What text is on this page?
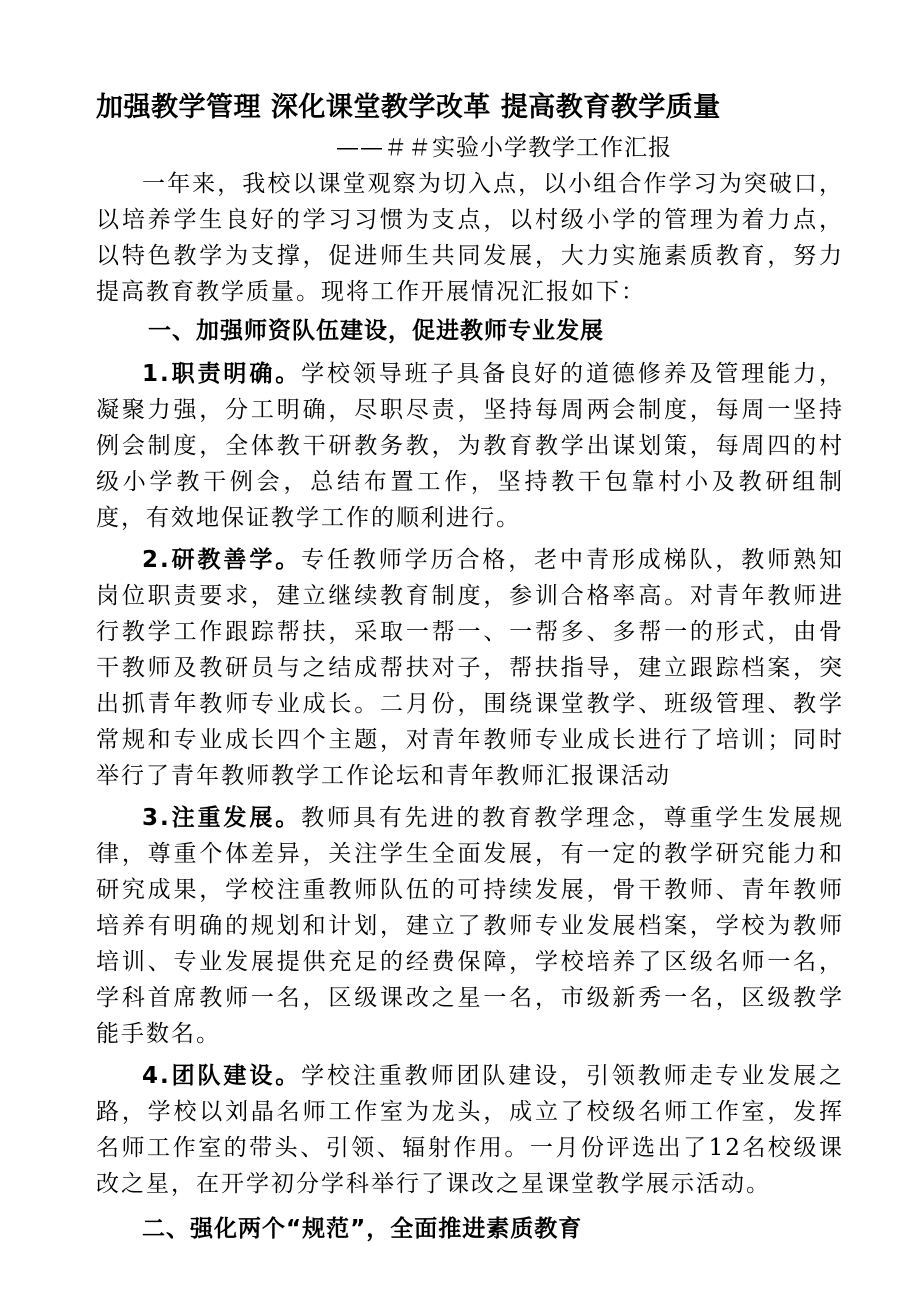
加强教学管理 深化课堂教学改革 提高教育教学质量
——＃＃实验小学教学工作汇报

一年来，我校以课堂观察为切入点，以小组合作学习为突破口，以培养学生良好的学习习惯为支点，以村级小学的管理为着力点，以特色教学为支撑，促进师生共同发展，大力实施素质教育，努力提高教育教学质量。现将工作开展情况汇报如下：

一、加强师资队伍建设，促进教师专业发展

1.职责明确。学校领导班子具备良好的道德修养及管理能力，凝聚力强，分工明确，尽职尽责，坚持每周两会制度，每周一坚持例会制度，全体教干研教务教，为教育教学出谋划策，每周四的村级小学教干例会，总结布置工作，坚持教干包靠村小及教研组制度，有效地保证教学工作的顺利进行。

2.研教善学。专任教师学历合格，老中青形成梯队，教师熟知岗位职责要求，建立继续教育制度，参训合格率高。对青年教师进行教学工作跟踪帮扶，采取一帮一、一帮多、多帮一的形式，由骨干教师及教研员与之结成帮扶对子，帮扶指导，建立跟踪档案，突出抓青年教师专业成长。二月份，围绕课堂教学、班级管理、教学常规和专业成长四个主题，对青年教师专业成长进行了培训；同时举行了青年教师教学工作论坛和青年教师汇报课活动

3.注重发展。教师具有先进的教育教学理念，尊重学生发展规律，尊重个体差异，关注学生全面发展，有一定的教学研究能力和研究成果，学校注重教师队伍的可持续发展，骨干教师、青年教师培养有明确的规划和计划，建立了教师专业发展档案，学校为教师培训、专业发展提供充足的经费保障，学校培养了区级名师一名，学科首席教师一名，区级课改之星一名，市级新秀一名，区级教学能手数名。

4.团队建设。学校注重教师团队建设，引领教师走专业发展之路，学校以刘晶名师工作室为龙头，成立了校级名师工作室，发挥名师工作室的带头、引领、辐射作用。一月份评选出了12名校级课改之星，在开学初分学科举行了课改之星课堂教学展示活动。

二、强化两个“规范”，全面推进素质教育
